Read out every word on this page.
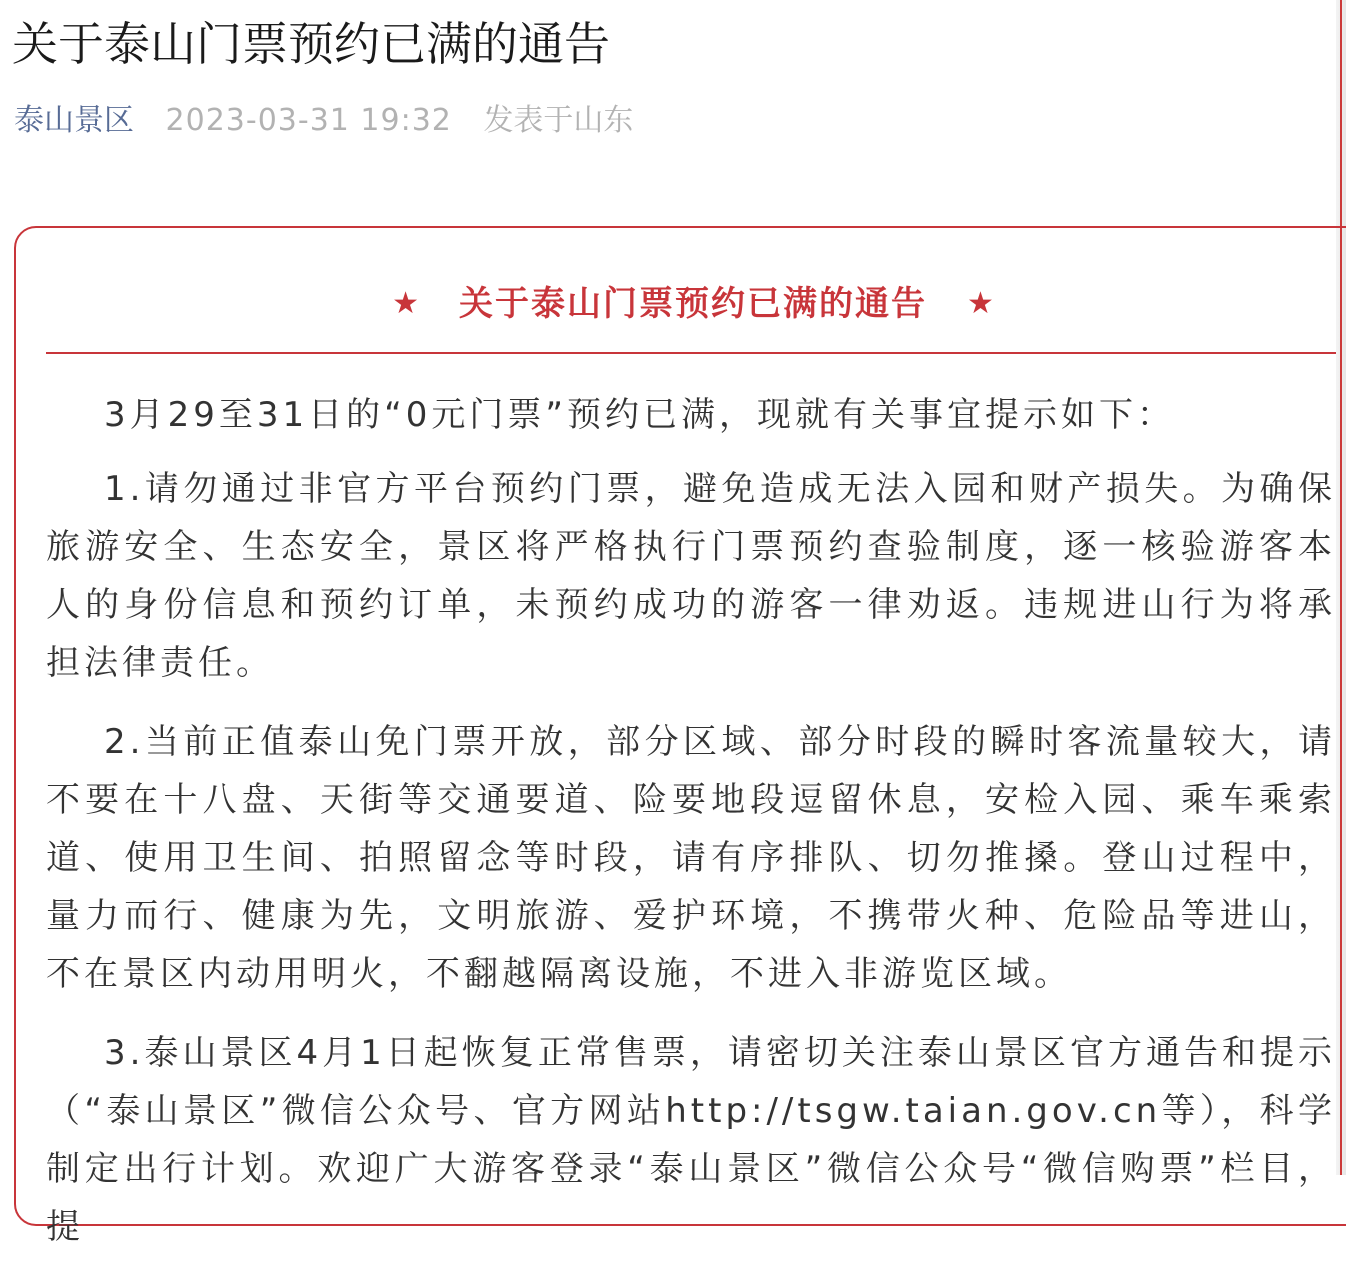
关于泰山门票预约已满的通告
泰山景区 2023-03-31 19:32 发表于山东
★ 关于泰山门票预约已满的通告 ★

3月29至31日的“0元门票”预约已满，现就有关事宜提示如下：

1.请勿通过非官方平台预约门票，避免造成无法入园和财产损失。为确保旅游安全、生态安全，景区将严格执行门票预约查验制度，逐一核验游客本人的身份信息和预约订单，未预约成功的游客一律劝返。违规进山行为将承担法律责任。

2.当前正值泰山免门票开放，部分区域、部分时段的瞬时客流量较大，请不要在十八盘、天街等交通要道、险要地段逗留休息，安检入园、乘车乘索道、使用卫生间、拍照留念等时段，请有序排队、切勿推搡。登山过程中，量力而行、健康为先，文明旅游、爱护环境，不携带火种、危险品等进山，不在景区内动用明火，不翻越隔离设施，不进入非游览区域。

3.泰山景区4月1日起恢复正常售票，请密切关注泰山景区官方通告和提示（“泰山景区”微信公众号、官方网站http://tsgw.taian.gov.cn等），科学制定出行计划。欢迎广大游客登录“泰山景区”微信公众号“微信购票”栏目，提
